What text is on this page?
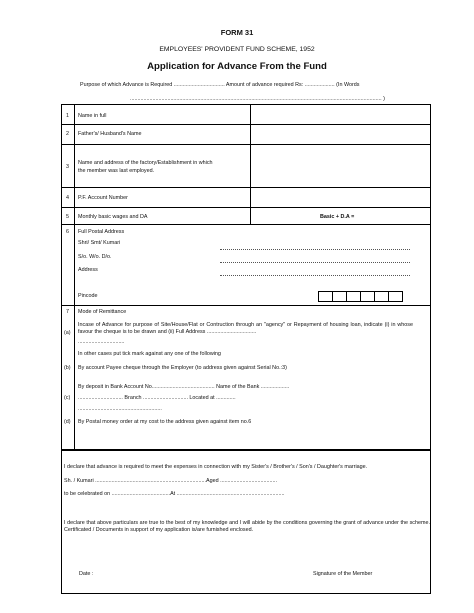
FORM 31
EMPLOYEES' PROVIDENT FUND SCHEME, 1952
Application for Advance From the Fund
Purpose of which Advance is Required .................................. Amount of advance required Rs: .................... (In Words
........................................................................................................................................................................ )
1 Name in full
2 Father's/ Husband's Name
3
Name and address of the factory/Establishment in which
the member was last employed.
4 P.F. Account Number
5 Monthly basic wages and DA	Basic + D.A =
6 Full Postal Address
Shri/ Smt/ Kumari
S/o. W/o. D/o.
Address
Pincode
7 Mode of Remittance
(a)
Incase of Advance for purpose of Site/House/Flat or Contruction through an "agency" or Repayment of housing loan, indicate (i) in whose favour the cheque is to be drawn and (ii) Full Address .................................
...............................
In other cases put tick mark against any one of the following
(b) By account Payee cheque through the Employer (to address given against Serial No.:3)
(c)
By deposit in Bank Account No.......................................... Name of the Bank ...................
.............................. Branch .............................. Located at .............
........................................................
(d) By Postal money order at my cost to the address given against item no.6
I declare that advance is required to meet the expenses in connection with my Sister's / Brother's / Son's / Daughter's marriage.
Sh. / Kumari ..........................................................................Aged ......................................
to be celebrated on .......................................At ........................................................................
I declare that above particulars are true to the best of my knowledge and I will abide by the conditions governing the grant of advance under the scheme. Certificated / Documents in support of my application is/are furnished enclosed.
Date :	Signature of the Member
